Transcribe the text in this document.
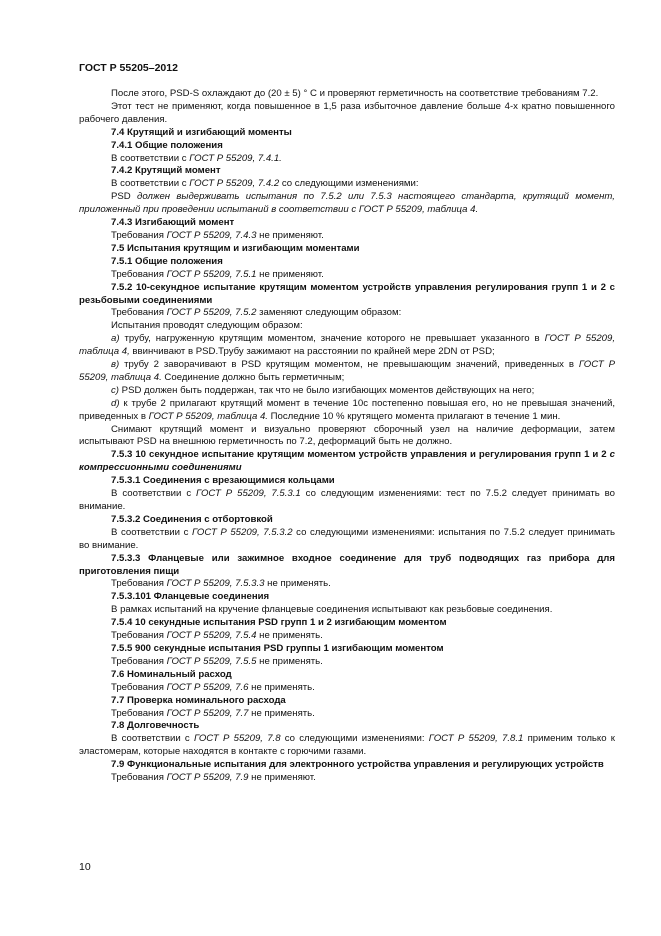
ГОСТ Р 55205–2012

После этого, PSD-S охлаждают до (20 ± 5) ° С и проверяют герметичность на соответствие требованиям 7.2.

Этот тест не применяют, когда повышенное в 1,5 раза избыточное давление больше 4-х кратно повышенного рабочего давления.

7.4 Крутящий и изгибающий моменты

7.4.1 Общие положения

В соответствии с ГОСТ Р 55209, 7.4.1.

7.4.2 Крутящий момент

В соответствии с ГОСТ Р 55209, 7.4.2 со следующими изменениями:

PSD должен выдерживать испытания по 7.5.2 или 7.5.3 настоящего стандарта, крутящий момент, приложенный при проведении испытаний в соответствии с ГОСТ Р 55209, таблица 4.

7.4.3 Изгибающий момент

Требования ГОСТ Р 55209, 7.4.3 не применяют.

7.5 Испытания крутящим и изгибающим моментами

7.5.1 Общие положения

Требования ГОСТ Р 55209, 7.5.1 не применяют.

7.5.2 10-секундное испытание крутящим моментом устройств управления регулирования групп 1 и 2 с резьбовыми соединениями

Требования ГОСТ Р 55209, 7.5.2 заменяют следующим образом:

Испытания проводят следующим образом:

а) трубу, нагруженную крутящим моментом, значение которого не превышает указанного в ГОСТ Р 55209, таблица 4, ввинчивают в PSD.Трубу зажимают на расстоянии по крайней мере 2DN от PSD;

в) трубу 2 заворачивают в PSD крутящим моментом, не превышающим значений, приведенных в ГОСТ Р 55209, таблица 4. Соединение должно быть герметичным;

с) PSD должен быть поддержан, так что не было изгибающих моментов действующих на него;

d) к трубе 2 прилагают крутящий момент в течение 10с постепенно повышая его, но не превышая значений, приведенных в ГОСТ Р 55209, таблица 4. Последние 10 % крутящего момента прилагают в течение 1 мин.

Снимают крутящий момент и визуально проверяют сборочный узел на наличие деформации, затем испытывают PSD на внешнюю герметичность по 7.2, деформаций быть не должно.

7.5.3 10 секундное испытание крутящим моментом устройств управления и регулирования групп 1 и 2 с компрессионными соединениями

7.5.3.1 Соединения с врезающимися кольцами

В соответствии с ГОСТ Р 55209, 7.5.3.1 со следующим изменениями: тест по 7.5.2 следует принимать во внимание.

7.5.3.2 Соединения с отбортовкой

В соответствии с ГОСТ Р 55209, 7.5.3.2 со следующими изменениями: испытания по 7.5.2 следует принимать во внимание.

7.5.3.3 Фланцевые или зажимное входное соединение для труб подводящих газ прибора для приготовления пищи

Требования ГОСТ Р 55209, 7.5.3.3 не применять.

7.5.3.101 Фланцевые соединения

В рамках испытаний на кручение фланцевые соединения испытывают как резьбовые соединения.

7.5.4 10 секундные испытания PSD групп 1 и 2 изгибающим моментом

Требования ГОСТ Р 55209, 7.5.4 не применять.

7.5.5 900 секундные испытания PSD группы 1 изгибающим моментом

Требования ГОСТ Р 55209, 7.5.5 не применять.

7.6 Номинальный расход

Требования ГОСТ Р 55209, 7.6 не применять.

7.7 Проверка номинального расхода

Требования ГОСТ Р 55209, 7.7 не применять.

7.8 Долговечность

В соответствии с ГОСТ Р 55209, 7.8 со следующими изменениями: ГОСТ Р 55209, 7.8.1 применим только к эластомерам, которые находятся в контакте с горючими газами.

7.9 Функциональные испытания для электронного устройства управления и регулирующих устройств

Требования ГОСТ Р 55209, 7.9 не применяют.

10
